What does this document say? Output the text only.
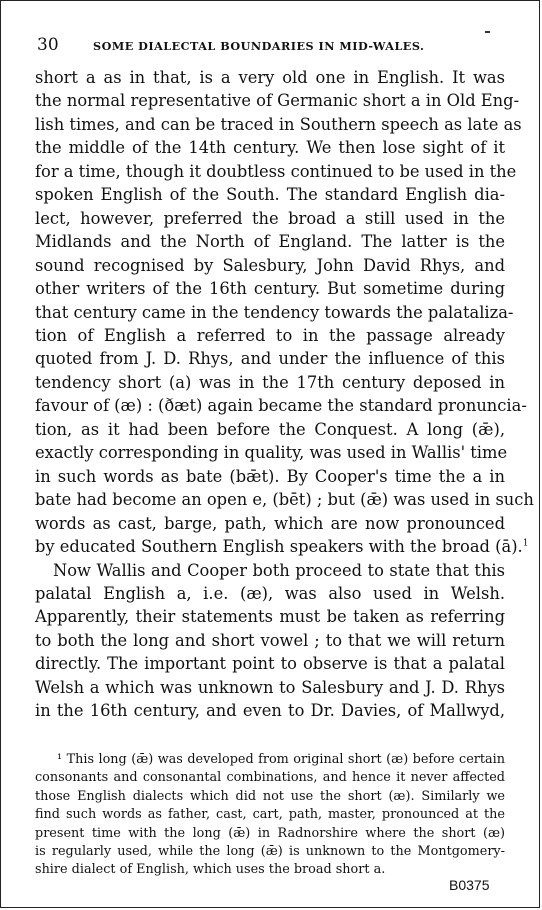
30	SOME DIALECTAL BOUNDARIES IN MID-WALES.
short a as in that, is a very old one in English. It was
the normal representative of Germanic short a in Old Eng-
lish times, and can be traced in Southern speech as late as
the middle of the 14th century. We then lose sight of it
for a time, though it doubtless continued to be used in the
spoken English of the South. The standard English dia-
lect, however, preferred the broad a still used in the
Midlands and the North of England. The latter is the
sound recognised by Salesbury, John David Rhys, and
other writers of the 16th century. But sometime during
that century came in the tendency towards the palataliza-
tion of English a referred to in the passage already
quoted from J. D. Rhys, and under the influence of this
tendency short (a) was in the 17th century deposed in
favour of (æ) : (ðæt) again became the standard pronuncia-
tion, as it had been before the Conquest. A long (ǣ),
exactly corresponding in quality, was used in Wallis' time
in such words as bate (bǣt). By Cooper's time the a in
bate had become an open e, (bēt) ; but (ǣ) was used in such
words as cast, barge, path, which are now pronounced
by educated Southern English speakers with the broad (ā).$^1$
Now Wallis and Cooper both proceed to state that this
palatal English a, i.e. (æ), was also used in Welsh.
Apparently, their statements must be taken as referring
to both the long and short vowel ; to that we will return
directly. The important point to observe is that a palatal
Welsh a which was unknown to Salesbury and J. D. Rhys
in the 16th century, and even to Dr. Davies, of Mallwyd,
¹ This long (ǣ) was developed from original short (æ) before certain
consonants and consonantal combinations, and hence it never affected
those English dialects which did not use the short (æ). Similarly we
find such words as father, cast, cart, path, master, pronounced at the
present time with the long (ǣ) in Radnorshire where the short (æ)
is regularly used, while the long (ǣ) is unknown to the Montgomery-
shire dialect of English, which uses the broad short a.
B0375
